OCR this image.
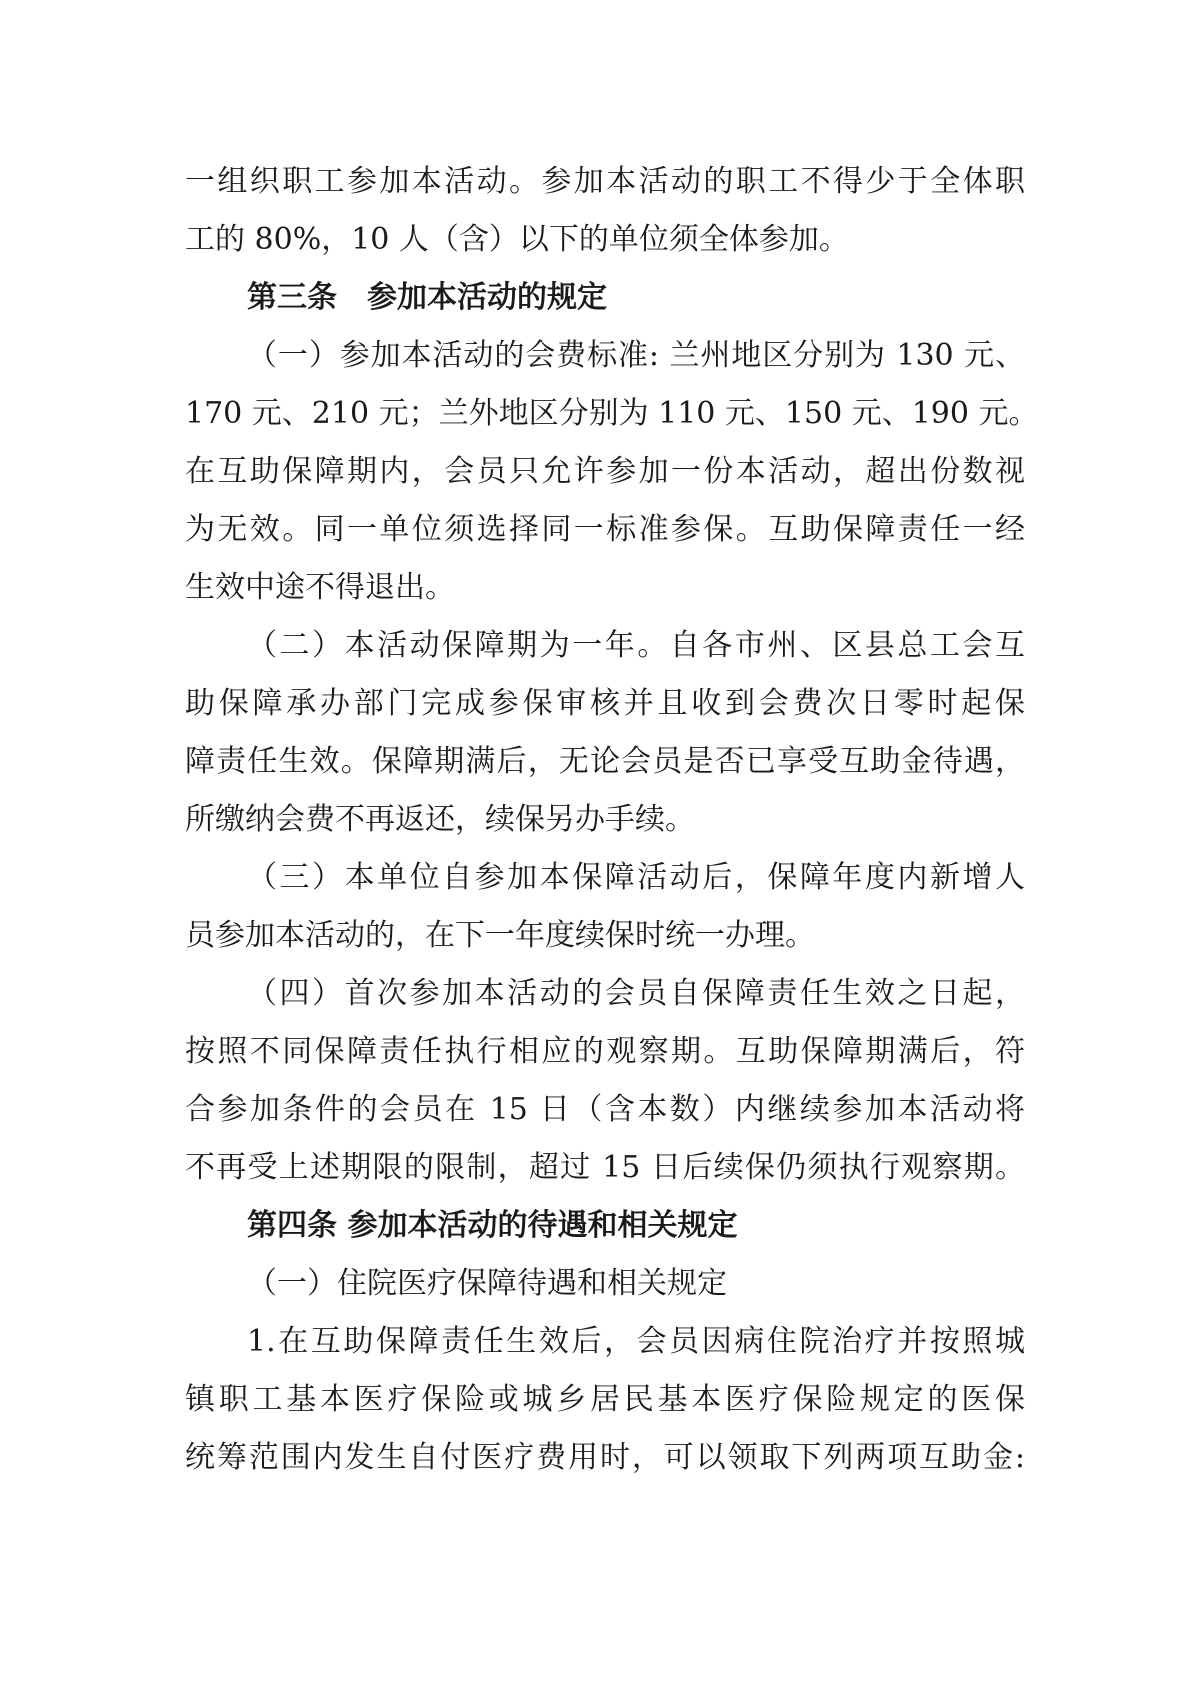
一组织职工参加本活动。参加本活动的职工不得少于全体职
工的 80%，10 人（含）以下的单位须全体参加。
第三条　参加本活动的规定
（一）参加本活动的会费标准: 兰州地区分别为 130 元、
170 元、210 元；兰外地区分别为 110 元、150 元、190 元。
在互助保障期内，会员只允许参加一份本活动，超出份数视
为无效。同一单位须选择同一标准参保。互助保障责任一经
生效中途不得退出。
（二）本活动保障期为一年。自各市州、区县总工会互
助保障承办部门完成参保审核并且收到会费次日零时起保
障责任生效。保障期满后，无论会员是否已享受互助金待遇，
所缴纳会费不再返还，续保另办手续。
（三）本单位自参加本保障活动后，保障年度内新增人
员参加本活动的，在下一年度续保时统一办理。
（四）首次参加本活动的会员自保障责任生效之日起，
按照不同保障责任执行相应的观察期。互助保障期满后，符
合参加条件的会员在 15 日（含本数）内继续参加本活动将
不再受上述期限的限制，超过 15 日后续保仍须执行观察期。
第四条 参加本活动的待遇和相关规定
（一）住院医疗保障待遇和相关规定
1.在互助保障责任生效后，会员因病住院治疗并按照城
镇职工基本医疗保险或城乡居民基本医疗保险规定的医保
统筹范围内发生自付医疗费用时，可以领取下列两项互助金:
